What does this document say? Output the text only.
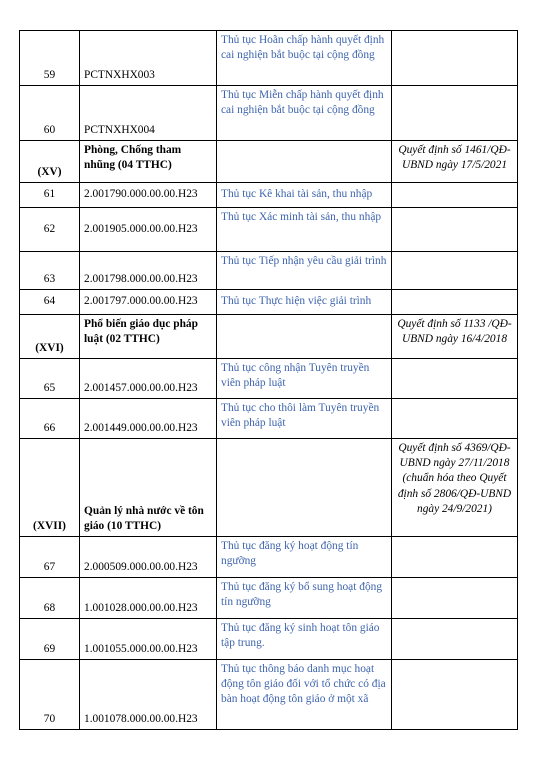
59	PCTNXHX003	Thủ tục Hoãn chấp hành quyết định cai nghiện bắt buộc tại cộng đồng	
60	PCTNXHX004	Thủ tục Miễn chấp hành quyết định cai nghiện bắt buộc tại cộng đồng	
(XV)	Phòng, Chống tham nhũng (04 TTHC)		Quyết định số 1461/QĐ-UBND ngày 17/5/2021
61	2.001790.000.00.00.H23	Thủ tục Kê khai tài sản, thu nhập	
62	2.001905.000.00.00.H23	Thủ tục Xác minh tài sản, thu nhập	
63	2.001798.000.00.00.H23	Thủ tục Tiếp nhận yêu cầu giải trình	
64	2.001797.000.00.00.H23	Thủ tục Thực hiện việc giải trình	
(XVI)	Phổ biến giáo dục pháp luật (02 TTHC)		Quyết định số 1133 /QĐ-UBND ngày 16/4/2018
65	2.001457.000.00.00.H23	Thủ tục công nhận Tuyên truyền viên pháp luật	
66	2.001449.000.00.00.H23	Thủ tục cho thôi làm Tuyên truyền viên pháp luật	
(XVII)	Quản lý nhà nước về tôn giáo (10 TTHC)		Quyết định số 4369/QĐ-UBND ngày 27/11/2018 (chuẩn hóa theo Quyết định số 2806/QĐ-UBND ngày 24/9/2021)
67	2.000509.000.00.00.H23	Thủ tục đăng ký hoạt động tín ngưỡng	
68	1.001028.000.00.00.H23	Thủ tục đăng ký bổ sung hoạt động tín ngưỡng	
69	1.001055.000.00.00.H23	Thủ tục đăng ký sinh hoạt tôn giáo tập trung.	
70	1.001078.000.00.00.H23	Thủ tục thông báo danh mục hoạt động tôn giáo đối với tổ chức có địa bàn hoạt động tôn giáo ở một xã	
